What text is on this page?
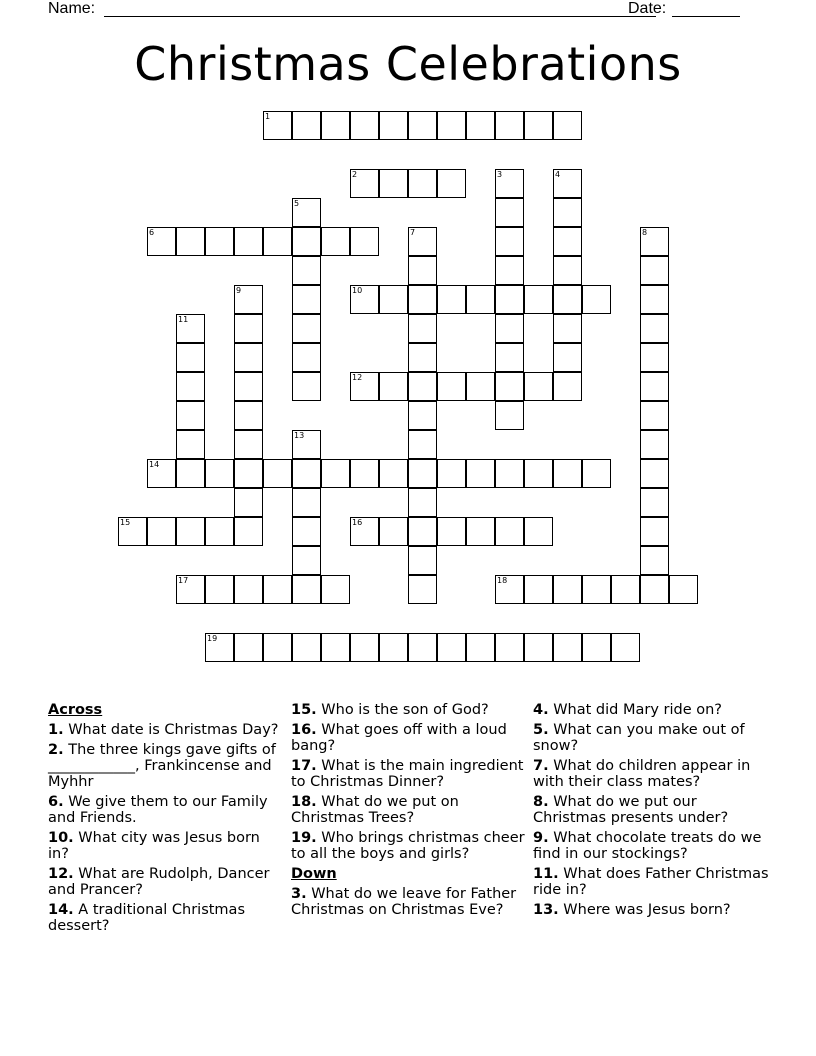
Name:	Date:
Christmas Celebrations
1
2	3	4
5
6	7	8
9	10
11
12
13
14
15	16
17	18
19
Across
1. What date is Christmas Day?
2. The three kings gave gifts of ____________, Frankincense and Myhhr
6. We give them to our Family and Friends.
10. What city was Jesus born in?
12. What are Rudolph, Dancer and Prancer?
14. A traditional Christmas dessert?
15. Who is the son of God?
16. What goes off with a loud bang?
17. What is the main ingredient to Christmas Dinner?
18. What do we put on Christmas Trees?
19. Who brings christmas cheer to all the boys and girls?
Down
3. What do we leave for Father Christmas on Christmas Eve?
4. What did Mary ride on?
5. What can you make out of snow?
7. What do children appear in with their class mates?
8. What do we put our Christmas presents under?
9. What chocolate treats do we find in our stockings?
11. What does Father Christmas ride in?
13. Where was Jesus born?
